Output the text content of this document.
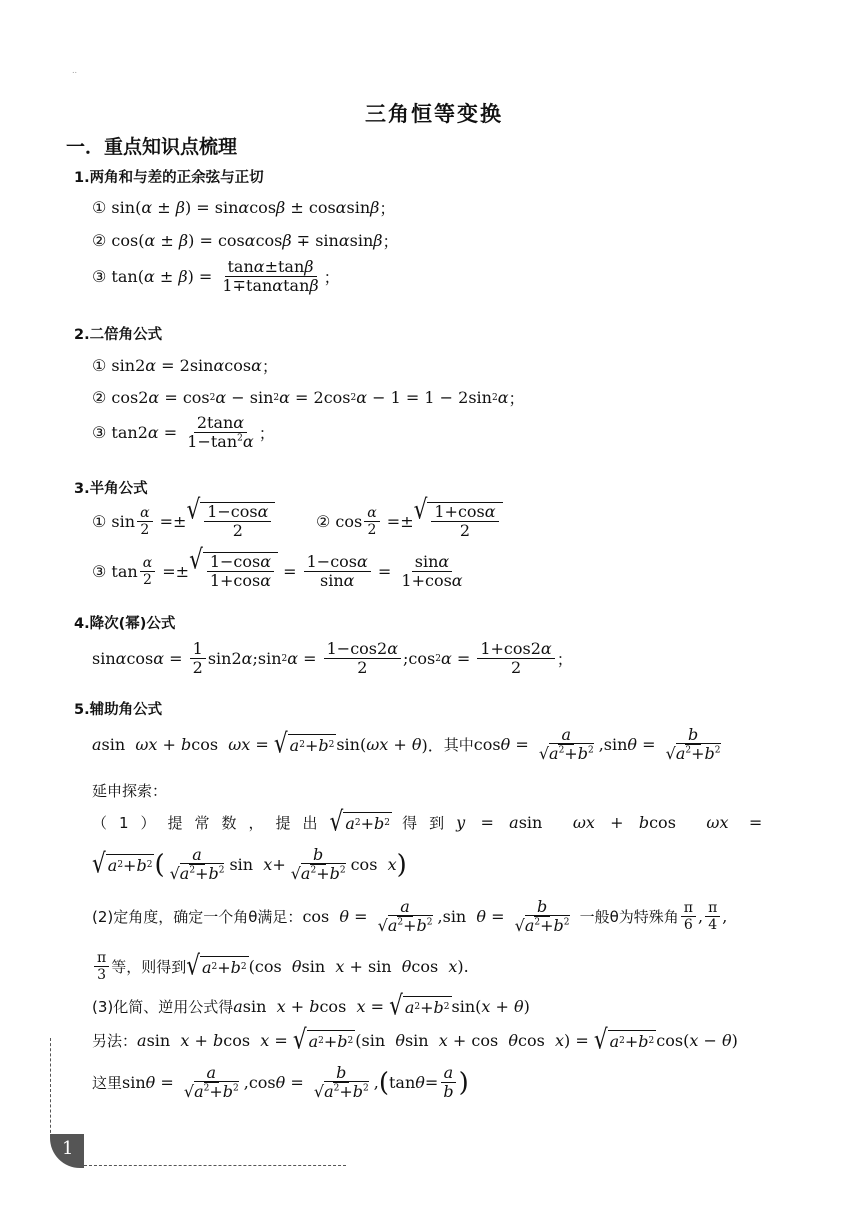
..
三角恒等变换
一．重点知识点梳理
1.两角和与差的正余弦与正切
① sin( α ± β ) = sin α cos β ± cos α sin β ；
② cos( α ± β ) = cos α cos β ∓ sin α sin β ；
③ tan( α ± β ) = $\frac{\tan\alpha\pm\tan\beta}{1\mp\tan\alpha\tan\beta}$ ；
2.二倍角公式
① sin2 α = 2sin α cos α ；
② cos2 α = cos 2 α − sin 2 α = 2cos 2 α − 1 = 1 − 2sin 2 α ；
③ tan2 $\alpha = \frac{2\tan\alpha}{1-\tan^2\alpha}$ ；
3.半角公式
① $\sin \frac{\alpha}{2}$ =± √ $\frac{1-\cos\alpha}{2}$	② $\cos \frac{\alpha}{2}$ =± √ $\frac{1+\cos\alpha}{2}$
③ $\tan \frac{\alpha}{2}$ =± √ $\frac{1-\cos\alpha}{1+\cos\alpha} = \frac{1-\cos\alpha}{\sin\alpha} = \frac{\sin\alpha}{1+\cos\alpha}$
4.降次(幂)公式
sin α $\cos \alpha = \frac{1}{2} \sin 2$ α ;sin 2 $\alpha = \frac{1-\cos 2\alpha}{2}$ ;cos 2 $\alpha = \frac{1+\cos 2\alpha}{2}$ ；
5.辅助角公式
a sin ωx + b cos ωx = √ a 2 + b 2 sin( ωx + θ )． 其中 $\cos \theta = \frac{a}{√a^2+b^2} ,\sin$ $\theta = \frac{b}{√a^2+b^2}$
延申探索：
（1）提常数，提出 √ a 2 + b 2
得到 y = a sin ωx + b cos ωx =
√ a 2 + b 2 ( $\frac{a}{√a^2+b^2}$ $\sin x + \frac{b}{√a^2+b^2}$ cos x )
(2)定角度，确定一个角θ满足： $\cos \theta = \frac{a}{√a^2+b^2} ,\sin$ $\theta = \frac{b}{√a^2+b^2}$
一般θ为特殊角 $\frac{\pi}{6}$ , $\frac{\pi}{4}$ ,
$\frac{\pi}{3}$ 等，则得到 √ a 2 + b 2 (cos θ sin x + sin θ cos x ).
(3)化简、逆用公式得 a sin x + b cos x = √ a 2 + b 2 sin( x + θ )
另法： a sin x + b cos x = √ a 2 + b 2 (sin θ sin x + cos θ cos x ) = √ a 2 + b 2 cos( x − θ )
这里 $\sin \theta = \frac{a}{√a^2+b^2} ,\cos$ $\theta = \frac{b}{√a^2+b^2}$ , ( $\tan \theta = \frac{a}{b}$ )
1
